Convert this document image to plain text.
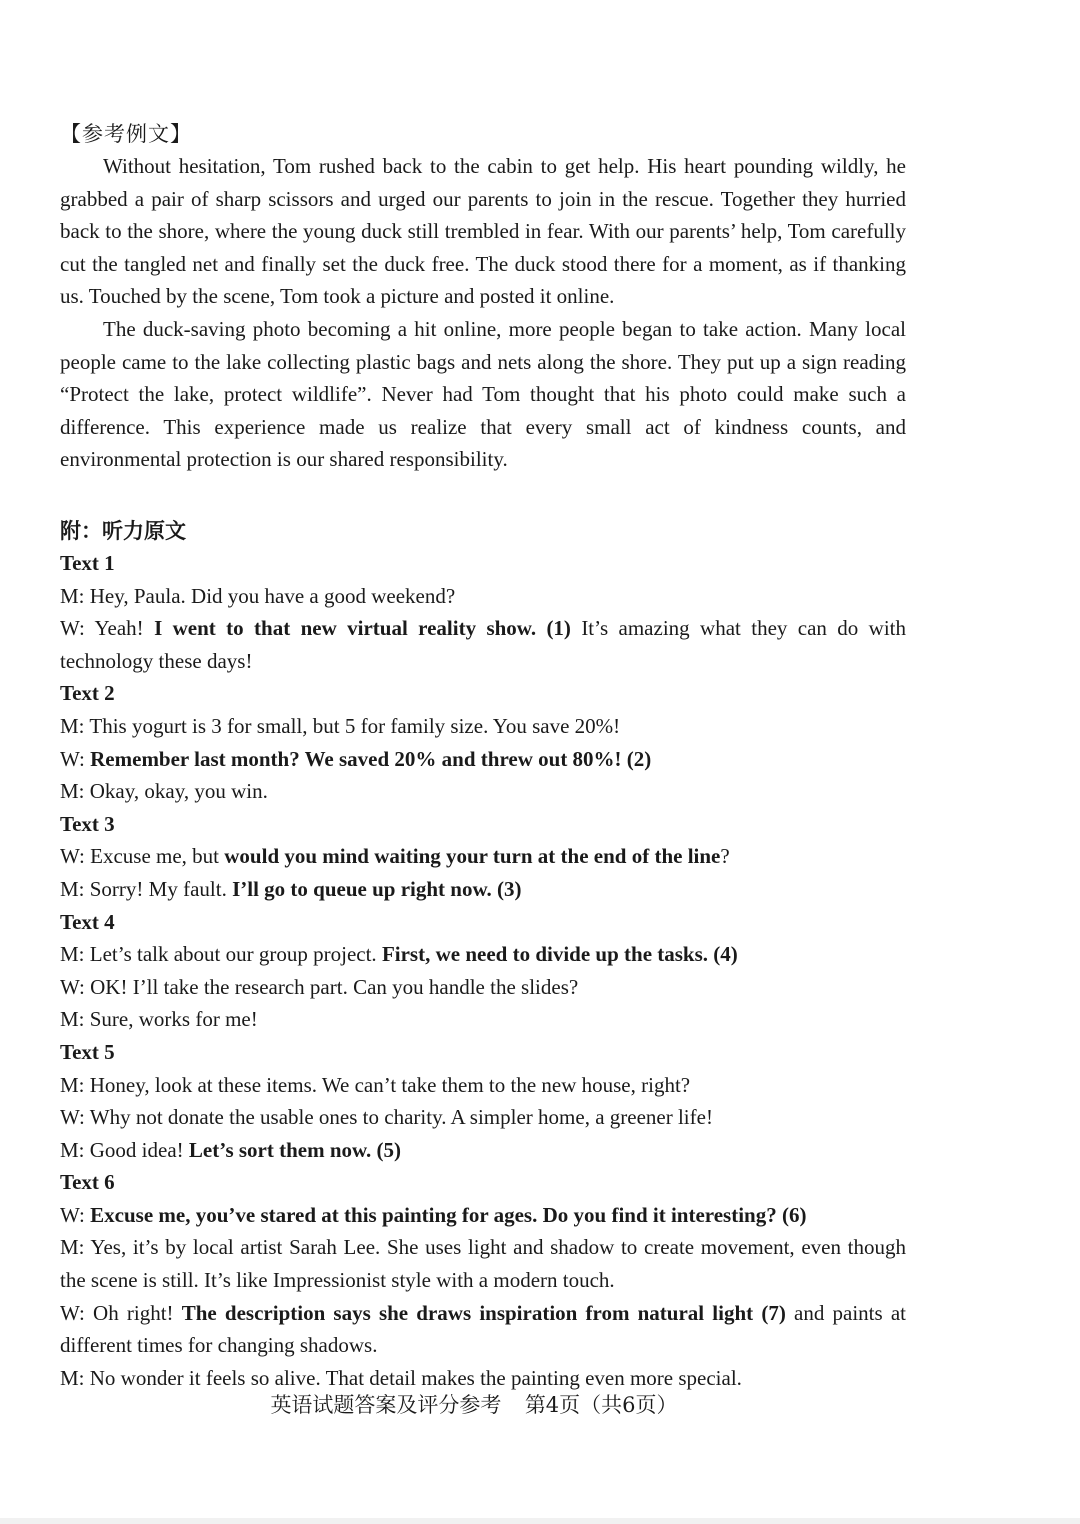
【参考例文】

Without hesitation, Tom rushed back to the cabin to get help. His heart pounding wildly, he grabbed a pair of sharp scissors and urged our parents to join in the rescue. Together they hurried back to the shore, where the young duck still trembled in fear. With our parents’ help, Tom carefully cut the tangled net and finally set the duck free. The duck stood there for a moment, as if thanking us. Touched by the scene, Tom took a picture and posted it online.

The duck-saving photo becoming a hit online, more people began to take action. Many local people came to the lake collecting plastic bags and nets along the shore. They put up a sign reading “Protect the lake, protect wildlife”. Never had Tom thought that his photo could make such a difference. This experience made us realize that every small act of kindness counts, and environmental protection is our shared responsibility.

附：听力原文
Text 1
M: Hey, Paula. Did you have a good weekend?
W: Yeah! I went to that new virtual reality show. (1) It’s amazing what they can do with technology these days!
Text 2
M: This yogurt is 3 for small, but 5 for family size. You save 20%!
W: Remember last month? We saved 20% and threw out 80%! (2)
M: Okay, okay, you win.
Text 3
W: Excuse me, but would you mind waiting your turn at the end of the line?
M: Sorry! My fault. I’ll go to queue up right now. (3)
Text 4
M: Let’s talk about our group project. First, we need to divide up the tasks. (4)
W: OK! I’ll take the research part. Can you handle the slides?
M: Sure, works for me!
Text 5
M: Honey, look at these items. We can’t take them to the new house, right?
W: Why not donate the usable ones to charity. A simpler home, a greener life!
M: Good idea! Let’s sort them now. (5)
Text 6
W: Excuse me, you’ve stared at this painting for ages. Do you find it interesting? (6)
M: Yes, it’s by local artist Sarah Lee. She uses light and shadow to create movement, even though the scene is still. It’s like Impressionist style with a modern touch.
W: Oh right! The description says she draws inspiration from natural light (7) and paints at different times for changing shadows.
M: No wonder it feels so alive. That detail makes the painting even more special.
英语试题答案及评分参考 第4页（共6页）
